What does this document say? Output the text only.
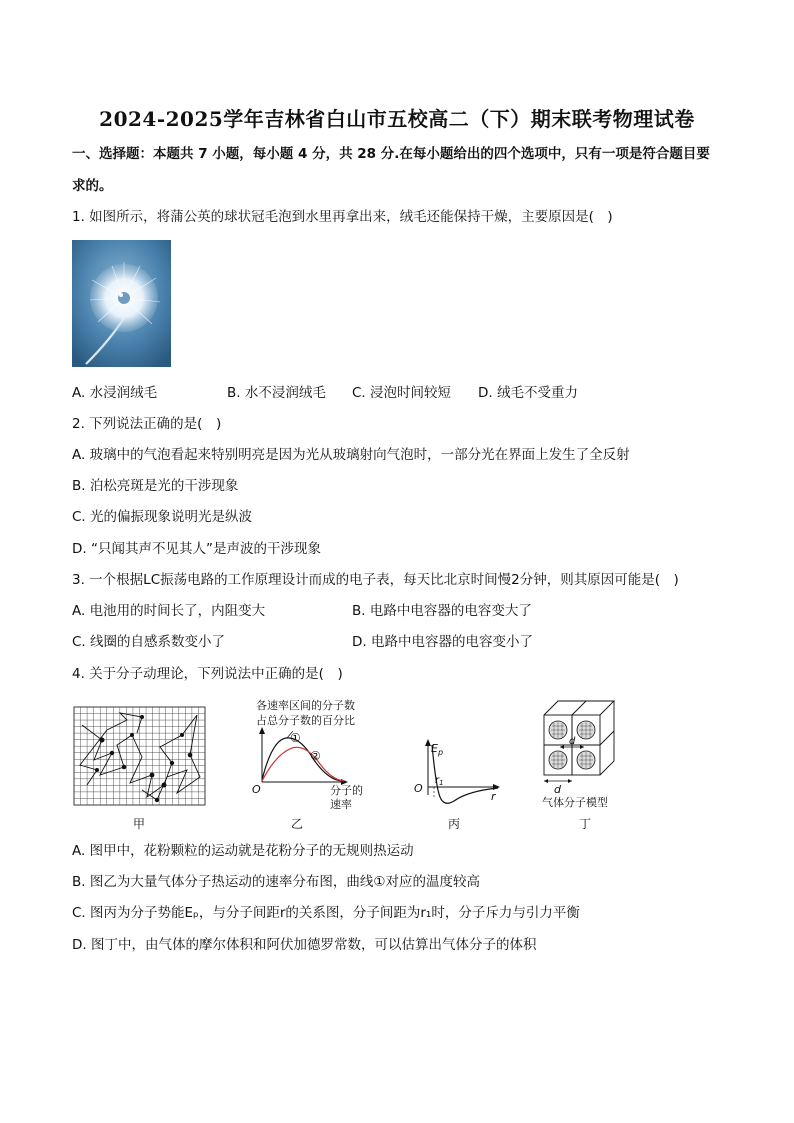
2024-2025学年吉林省白山市五校高二（下）期末联考物理试卷
一、选择题：本题共 7 小题，每小题 4 分，共 28 分.在每小题给出的四个选项中，只有一项是符合题目要
求的。
1. 如图所示，将蒲公英的球状冠毛泡到水里再拿出来，绒毛还能保持干燥，主要原因是(　)
A. 水浸润绒毛	B. 水不浸润绒毛 C. 浸泡时间较短 D. 绒毛不受重力
2. 下列说法正确的是(　)
A. 玻璃中的气泡看起来特别明亮是因为光从玻璃射向气泡时，一部分光在界面上发生了全反射
B. 泊松亮斑是光的干涉现象
C. 光的偏振现象说明光是纵波
D. “只闻其声不见其人”是声波的干涉现象
3. 一个根据LC振荡电路的工作原理设计而成的电子表，每天比北京时间慢2分钟，则其原因可能是(　)
A. 电池用的时间长了，内阻变大	B. 电路中电容器的电容变大了
C. 线圈的自感系数变小了	D. 电路中电容器的电容变小了
4. 关于分子动理论，下列说法中正确的是(　)
甲
各速率区间的分子数
占总分子数的百分比
①
②
O	分子的
速率
乙
$E_p$
$r_1$
O
r
丙
d
d
气体分子模型
丁
A. 图甲中，花粉颗粒的运动就是花粉分子的无规则热运动
B. 图乙为大量气体分子热运动的速率分布图，曲线①对应的温度较高
C. 图丙为分子势能Eₚ，与分子间距r的关系图，分子间距为r₁时，分子斥力与引力平衡
D. 图丁中，由气体的摩尔体积和阿伏加德罗常数，可以估算出气体分子的体积
